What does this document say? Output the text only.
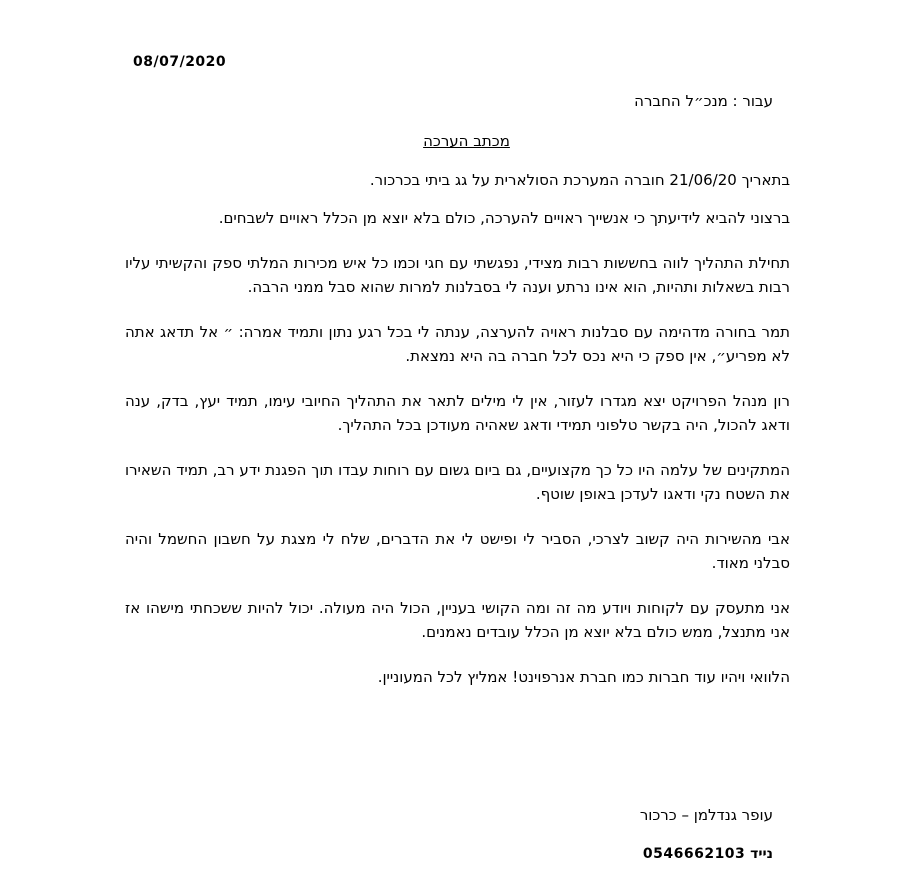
08/07/2020
עבור : מנכ״ל החברה
מכתב הערכה

בתאריך 21/06/20 חוברה המערכת הסולארית על גג ביתי בכרכור.

ברצוני להביא לידיעתך כי אנשייך ראויים להערכה, כולם בלא יוצא מן הכלל ראויים לשבחים.

תחילת התהליך לווה בחששות רבות מצידי, נפגשתי עם חגי וכמו כל איש מכירות המלתי ספק והקשיתי עליו רבות בשאלות ותהיות, הוא אינו נרתע וענה לי בסבלנות למרות שהוא סבל ממני הרבה.

תמר בחורה מדהימה עם סבלנות ראויה להערצה, ענתה לי בכל רגע נתון ותמיד אמרה: ״ אל תדאג אתה לא מפריע״, אין ספק כי היא נכס לכל חברה בה היא נמצאת.

רון מנהל הפרויקט יצא מגדרו לעזור, אין לי מילים לתאר את התהליך החיובי עימו, תמיד יעץ, בדק, ענה ודאג להכול, היה בקשר טלפוני תמידי ודאג שאהיה מעודכן בכל התהליך.

המתקינים של עלמה היו כל כך מקצועיים, גם ביום גשום עם רוחות עבדו תוך הפגנת ידע רב, תמיד השאירו את השטח נקי ודאגו לעדכן באופן שוטף.

אבי מהשירות היה קשוב לצרכי, הסביר לי ופישט לי את הדברים, שלח לי מצגת על חשבון החשמל והיה סבלני מאוד.

אני מתעסק עם לקוחות ויודע מה זה ומה הקושי בעניין, הכול היה מעולה. יכול להיות ששכחתי מישהו אז אני מתנצל, ממש כולם בלא יוצא מן הכלל עובדים נאמנים.

הלוואי ויהיו עוד חברות כמו חברת אנרפוינט! אמליץ לכל המעוניין.

עופר גנדלמן – כרכור
נייד 0546662103
